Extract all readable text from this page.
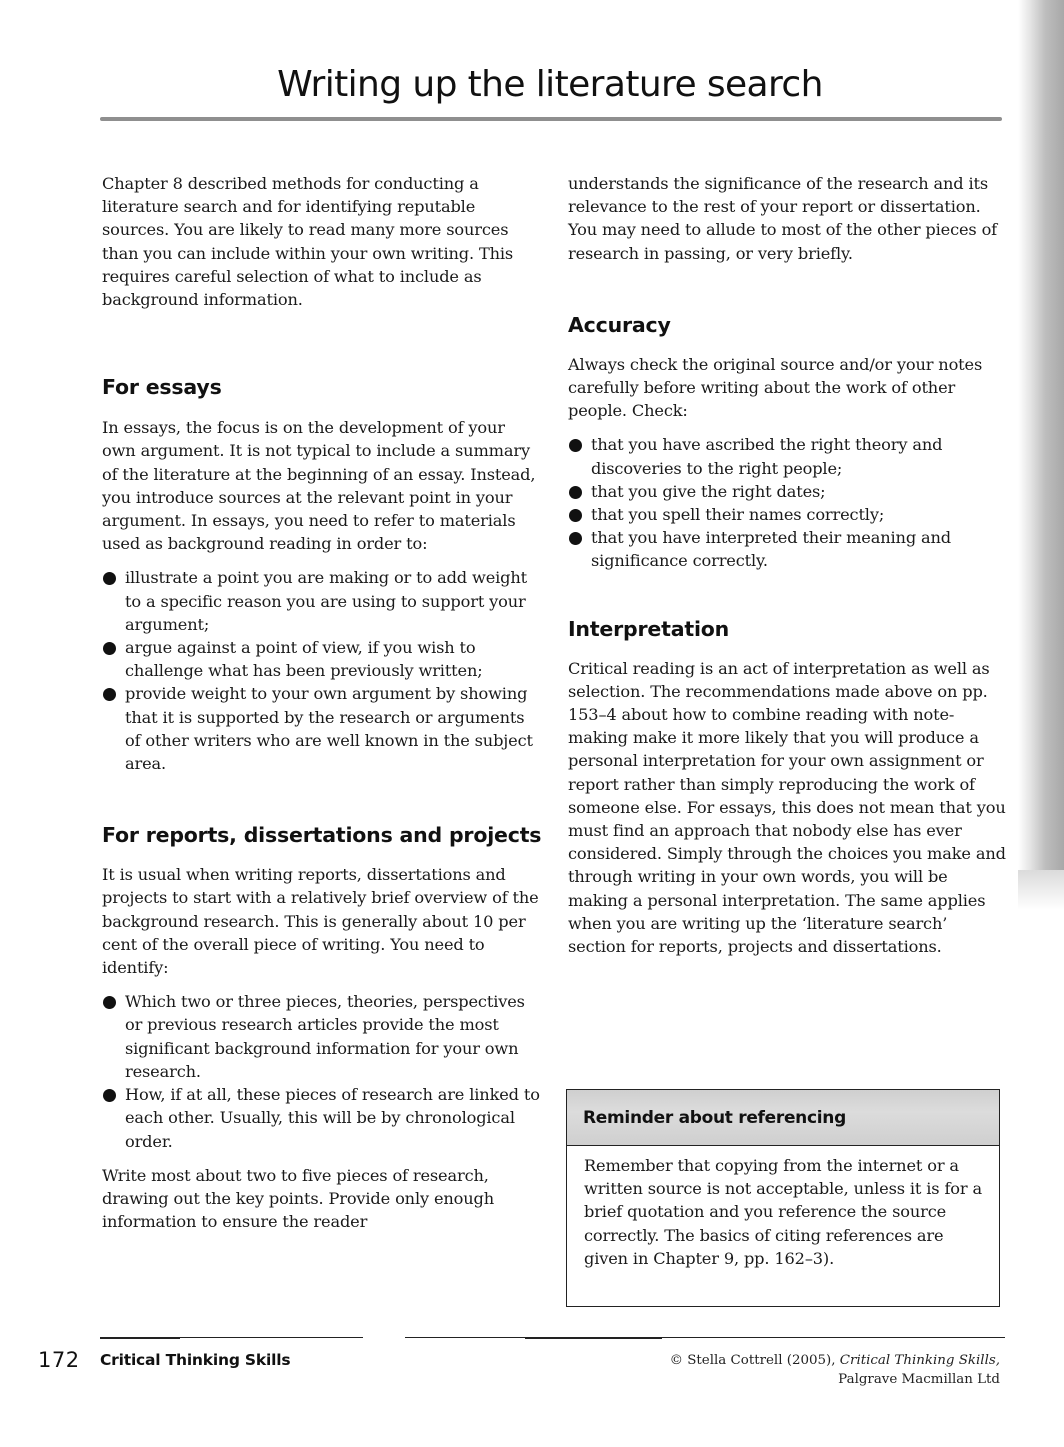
Writing up the literature search

Chapter 8 described methods for conducting a literature search and for identifying reputable sources. You are likely to read many more sources than you can include within your own writing. This requires careful selection of what to include as background information.

For essays

In essays, the focus is on the development of your own argument. It is not typical to include a summary of the literature at the beginning of an essay. Instead, you introduce sources at the relevant point in your argument. In essays, you need to refer to materials used as background reading in order to:

illustrate a point you are making or to add weight to a specific reason you are using to support your argument;
argue against a point of view, if you wish to challenge what has been previously written;
provide weight to your own argument by showing that it is supported by the research or arguments of other writers who are well known in the subject area.
For reports, dissertations and projects

It is usual when writing reports, dissertations and projects to start with a relatively brief overview of the background research. This is generally about 10 per cent of the overall piece of writing. You need to identify:

Which two or three pieces, theories, perspectives or previous research articles provide the most significant background information for your own research.
How, if at all, these pieces of research are linked to each other. Usually, this will be by chronological order.

Write most about two to five pieces of research, drawing out the key points. Provide only enough information to ensure the reader

understands the significance of the research and its relevance to the rest of your report or dissertation. You may need to allude to most of the other pieces of research in passing, or very briefly.

Accuracy

Always check the original source and/or your notes carefully before writing about the work of other people. Check:

that you have ascribed the right theory and discoveries to the right people;
that you give the right dates;
that you spell their names correctly;
that you have interpreted their meaning and significance correctly.
Interpretation

Critical reading is an act of interpretation as well as selection. The recommendations made above on pp. 153–4 about how to combine reading with note-making make it more likely that you will produce a personal interpretation for your own assignment or report rather than simply reproducing the work of someone else. For essays, this does not mean that you must find an approach that nobody else has ever considered. Simply through the choices you make and through writing in your own words, you will be making a personal interpretation. The same applies when you are writing up the ‘literature search’ section for reports, projects and dissertations.

Reminder about referencing

Remember that copying from the internet or a written source is not acceptable, unless it is for a brief quotation and you reference the source correctly. The basics of citing references are given in Chapter 9, pp. 162–3).

172 Critical Thinking Skills	© Stella Cottrell (2005), Critical Thinking Skills,
Palgrave Macmillan Ltd
